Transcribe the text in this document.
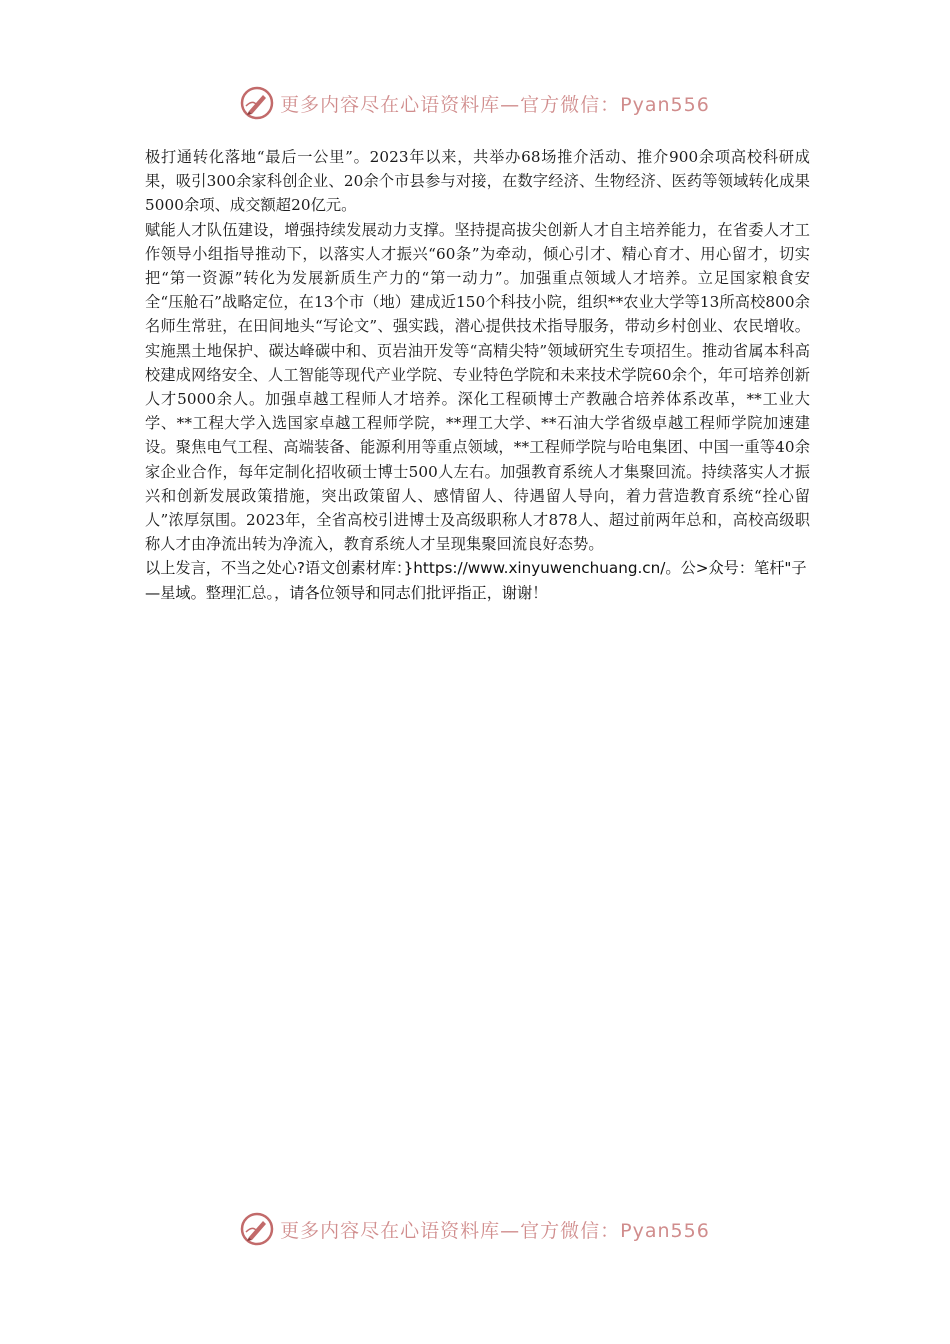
更多内容尽在心语资料库—官方微信：Pyan556

极打通转化落地“最后一公里”。2023年以来，共举办68场推介活动、推介900余项高校科研成果，吸引300余家科创企业、20余个市县参与对接，在数字经济、生物经济、医药等领域转化成果5000余项、成交额超20亿元。

赋能人才队伍建设，增强持续发展动力支撑。坚持提高拔尖创新人才自主培养能力，在省委人才工作领导小组指导推动下，以落实人才振兴“60条”为牵动，倾心引才、精心育才、用心留才，切实把“第一资源”转化为发展新质生产力的“第一动力”。加强重点领域人才培养。立足国家粮食安全“压舱石”战略定位，在13个市（地）建成近150个科技小院，组织**农业大学等13所高校800余名师生常驻，在田间地头“写论文”、强实践，潜心提供技术指导服务，带动乡村创业、农民增收。实施黑土地保护、碳达峰碳中和、页岩油开发等“高精尖特”领域研究生专项招生。推动省属本科高校建成网络安全、人工智能等现代产业学院、专业特色学院和未来技术学院60余个，年可培养创新人才5000余人。加强卓越工程师人才培养。深化工程硕博士产教融合培养体系改革，**工业大学、**工程大学入选国家卓越工程师学院，**理工大学、**石油大学省级卓越工程师学院加速建设。聚焦电气工程、高端装备、能源利用等重点领域，**工程师学院与哈电集团、中国一重等40余家企业合作，每年定制化招收硕士博士500人左右。加强教育系统人才集聚回流。持续落实人才振兴和创新发展政策措施，突出政策留人、感情留人、待遇留人导向，着力营造教育系统“拴心留人”浓厚氛围。2023年，全省高校引进博士及高级职称人才878人、超过前两年总和，高校高级职称人才由净流出转为净流入，教育系统人才呈现集聚回流良好态势。

以上发言，不当之处心?语文创素材库：}https://www.xinyuwenchuang.cn/。公>众号：笔杆"子—星域。整理汇总。，请各位领导和同志们批评指正，谢谢！

更多内容尽在心语资料库—官方微信：Pyan556
